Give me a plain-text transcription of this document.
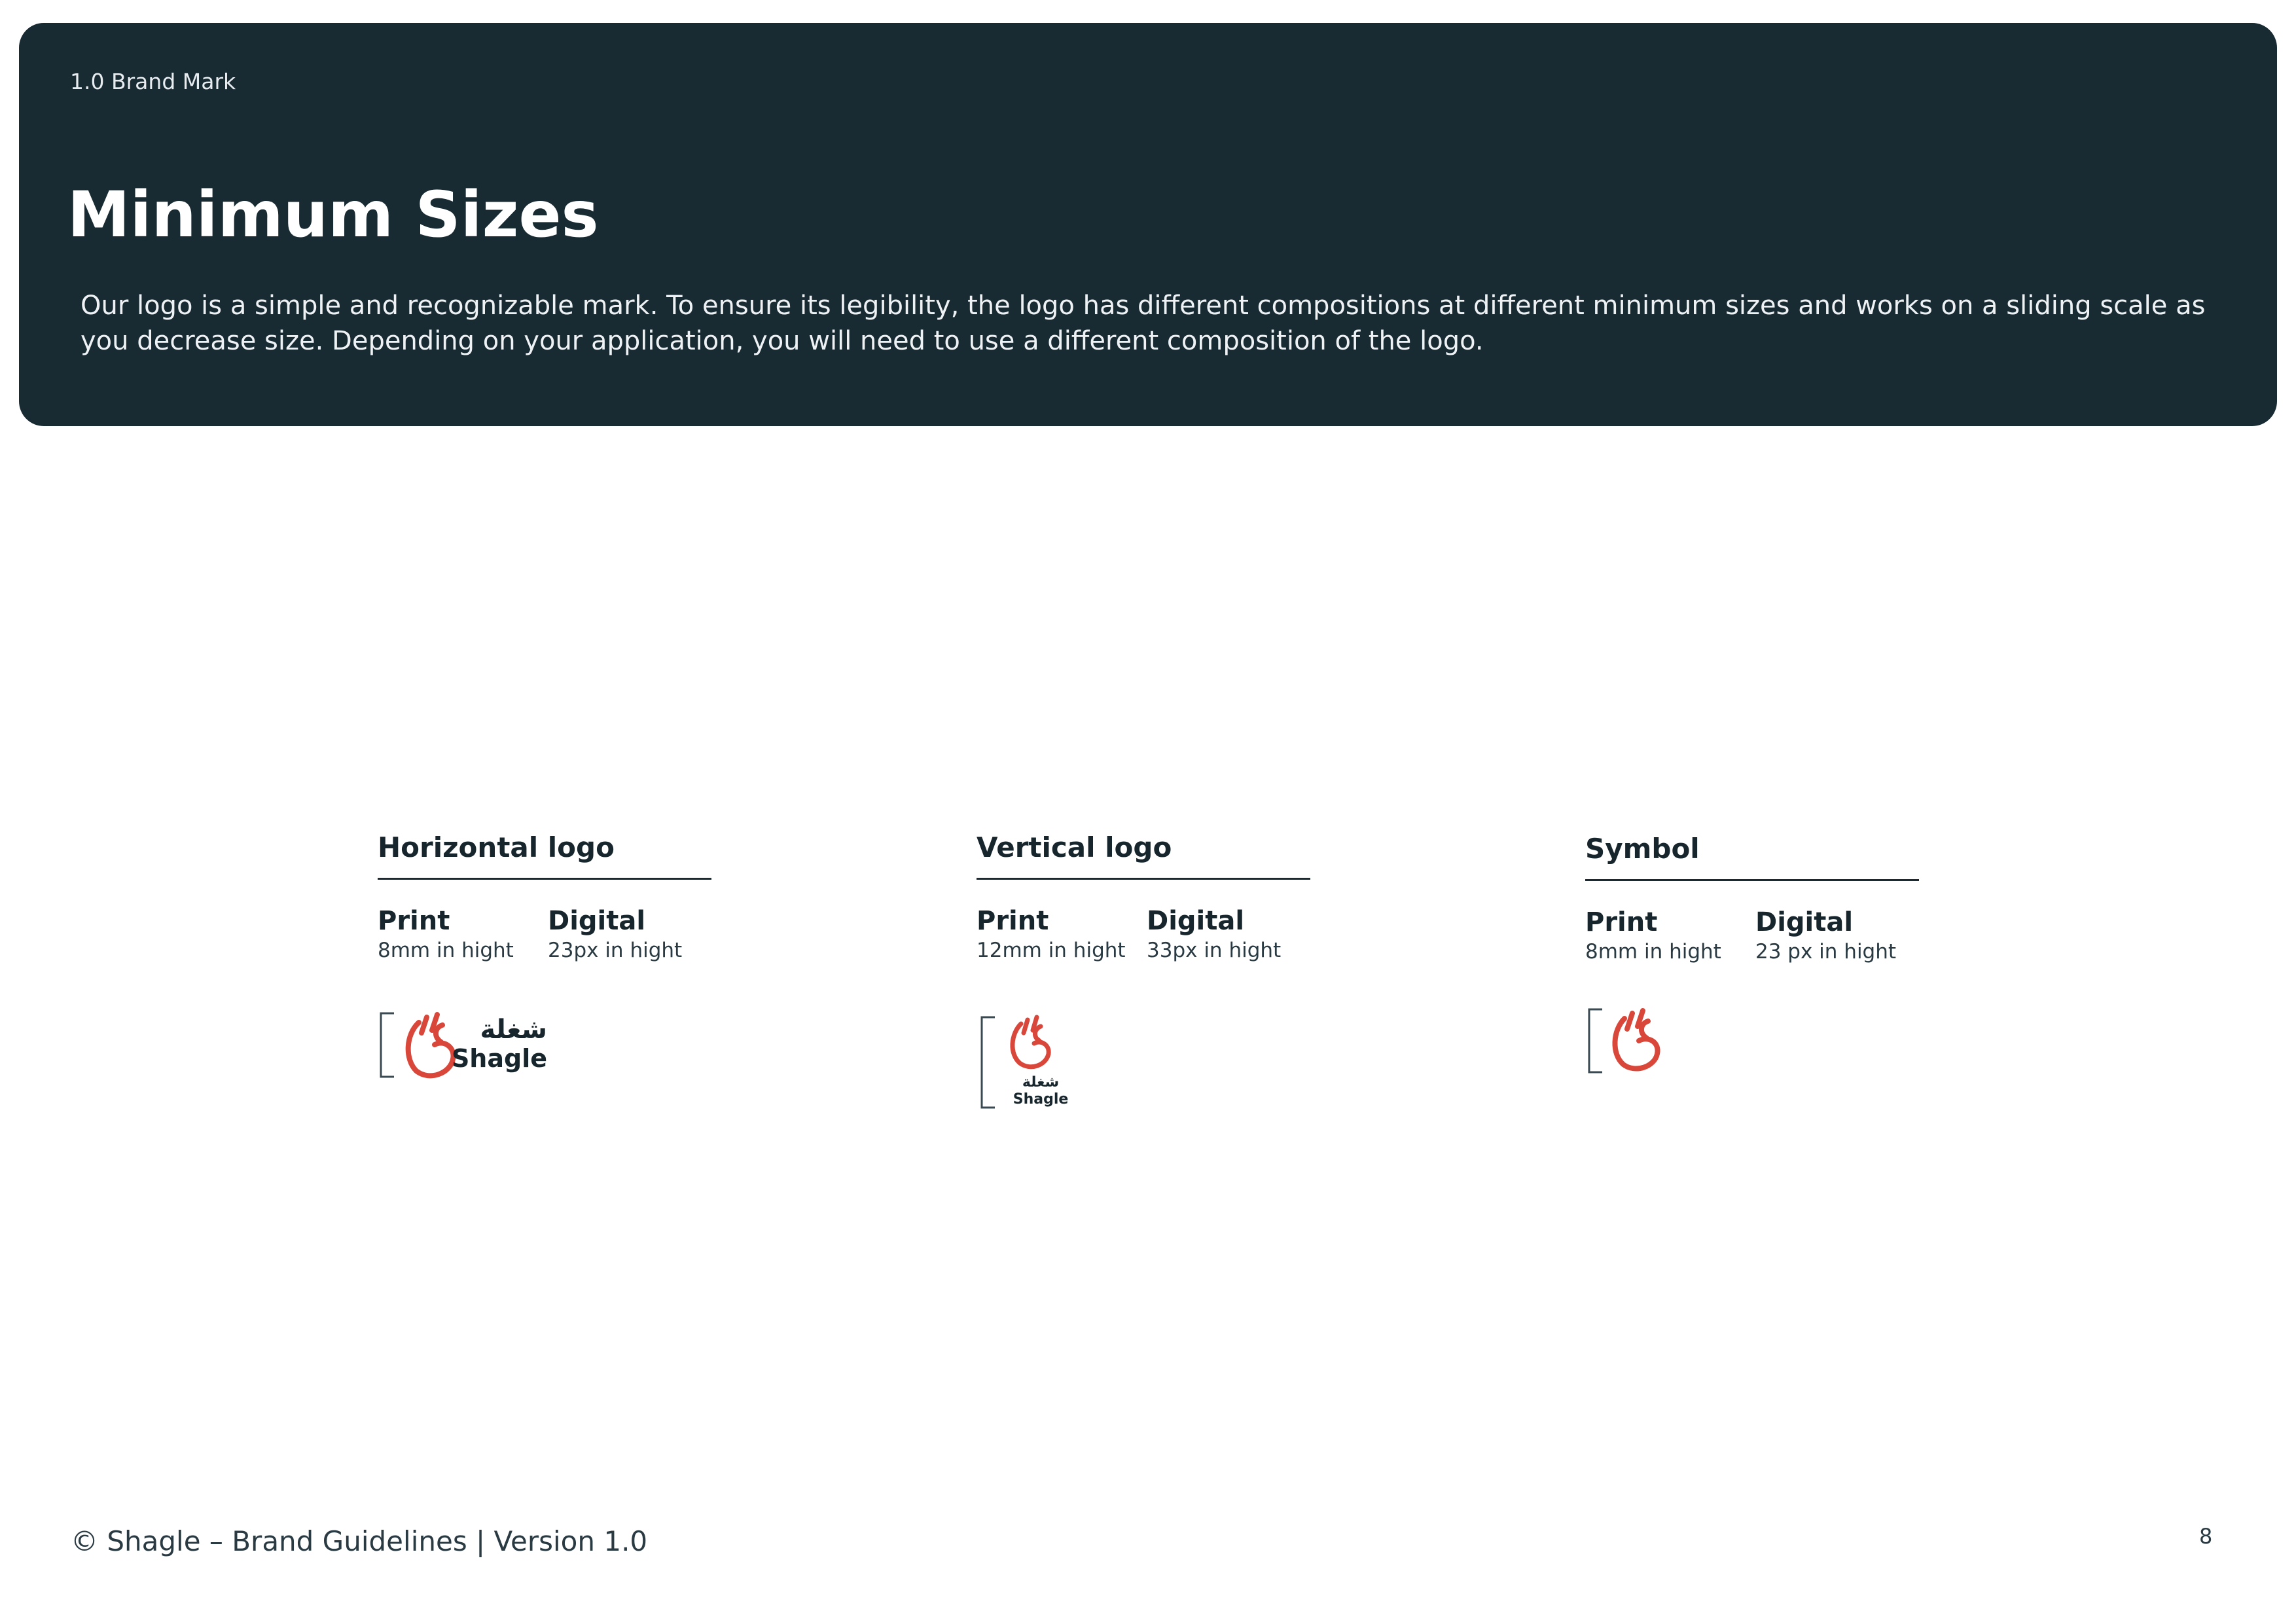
1.0 Brand Mark

Minimum Sizes

Our logo is a simple and recognizable mark. To ensure its legibility, the logo has different compositions at different minimum sizes and works on a sliding scale as you decrease size. Depending on your application, you will need to use a different composition of the logo.

Horizontal logo
Print
8mm in hight
Digital
23px in hight
شغلة
Shagle
Vertical logo
Print
12mm in hight
Digital
33px in hight
شغلة
Shagle
Symbol
Print
8mm in hight
Digital
23 px in hight

© Shagle – Brand Guidelines | Version 1.0	8
